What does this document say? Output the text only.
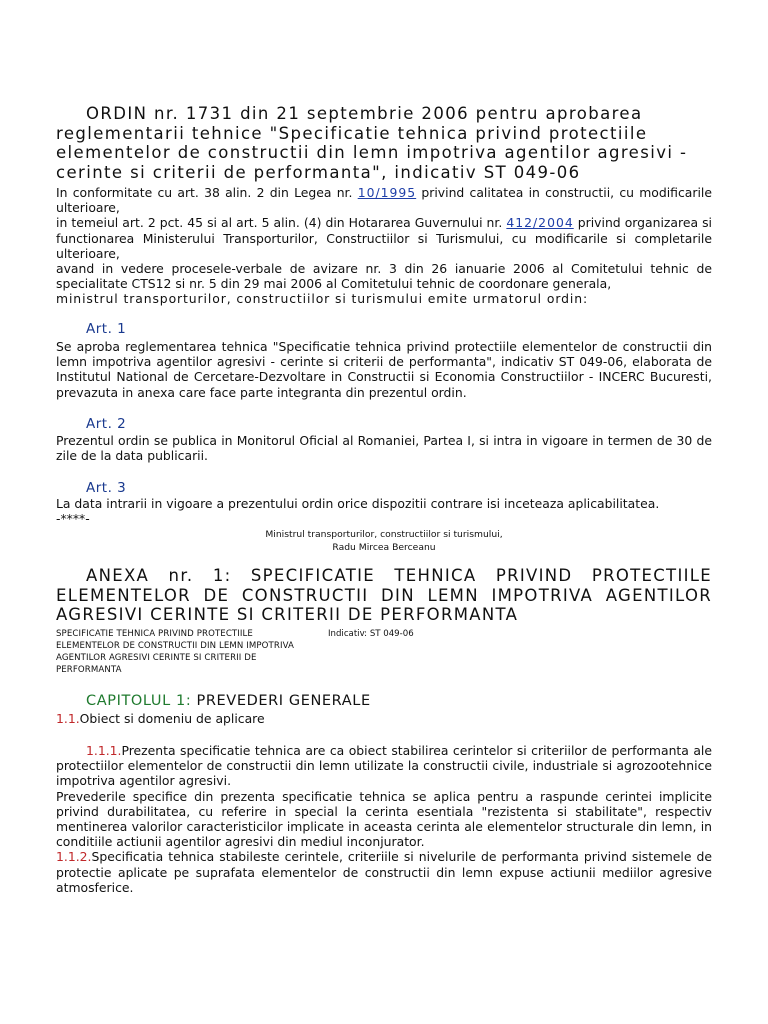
ORDIN nr. 1731 din 21 septembrie 2006 pentru aprobarea reglementarii tehnice "Specificatie tehnica privind protectiile elementelor de constructii din lemn impotriva agentilor agresivi - cerinte si criterii de performanta", indicativ ST 049-06

In conformitate cu art. 38 alin. 2 din Legea nr. 10/1995 privind calitatea in constructii, cu modificarile ulterioare,

in temeiul art. 2 pct. 45 si al art. 5 alin. (4) din Hotararea Guvernului nr. 412/2004 privind organizarea si functionarea Ministerului Transporturilor, Constructiilor si Turismului, cu modificarile si completarile ulterioare,

avand in vedere procesele-verbale de avizare nr. 3 din 26 ianuarie 2006 al Comitetului tehnic de specialitate CTS12 si nr. 5 din 29 mai 2006 al Comitetului tehnic de coordonare generala,

ministrul transporturilor, constructiilor si turismului emite urmatorul ordin:

Art. 1
Se aproba reglementarea tehnica "Specificatie tehnica privind protectiile elementelor de constructii din lemn impotriva agentilor agresivi - cerinte si criterii de performanta", indicativ ST 049-06, elaborata de Institutul National de Cercetare-Dezvoltare in Constructii si Economia Constructiilor - INCERC Bucuresti, prevazuta in anexa care face parte integranta din prezentul ordin.
Art. 2
Prezentul ordin se publica in Monitorul Oficial al Romaniei, Partea I, si intra in vigoare in termen de 30 de zile de la data publicarii.
Art. 3

La data intrarii in vigoare a prezentului ordin orice dispozitii contrare isi inceteaza aplicabilitatea.

-****-

Ministrul transporturilor, constructiilor si turismului,
Radu Mircea Berceanu
ANEXA nr. 1: SPECIFICATIE TEHNICA PRIVIND PROTECTIILE ELEMENTELOR DE CONSTRUCTII DIN LEMN IMPOTRIVA AGENTILOR AGRESIVI CERINTE SI CRITERII DE PERFORMANTA
SPECIFICATIE TEHNICA PRIVIND PROTECTIILE ELEMENTELOR DE CONSTRUCTII DIN LEMN IMPOTRIVA AGENTILOR AGRESIVI CERINTE SI CRITERII DE PERFORMANTA
Indicativ: ST 049-06
CAPITOLUL 1: PREVEDERI GENERALE

1.1.Obiect si domeniu de aplicare

1.1.1.Prezenta specificatie tehnica are ca obiect stabilirea cerintelor si criteriilor de performanta ale protectiilor elementelor de constructii din lemn utilizate la constructii civile, industriale si agrozootehnice impotriva agentilor agresivi.

Prevederile specifice din prezenta specificatie tehnica se aplica pentru a raspunde cerintei implicite privind durabilitatea, cu referire in special la cerinta esentiala "rezistenta si stabilitate", respectiv mentinerea valorilor caracteristicilor implicate in aceasta cerinta ale elementelor structurale din lemn, in conditiile actiunii agentilor agresivi din mediul inconjurator.

1.1.2.Specificatia tehnica stabileste cerintele, criteriile si nivelurile de performanta privind sistemele de protectie aplicate pe suprafata elementelor de constructii din lemn expuse actiunii mediilor agresive atmosferice.
